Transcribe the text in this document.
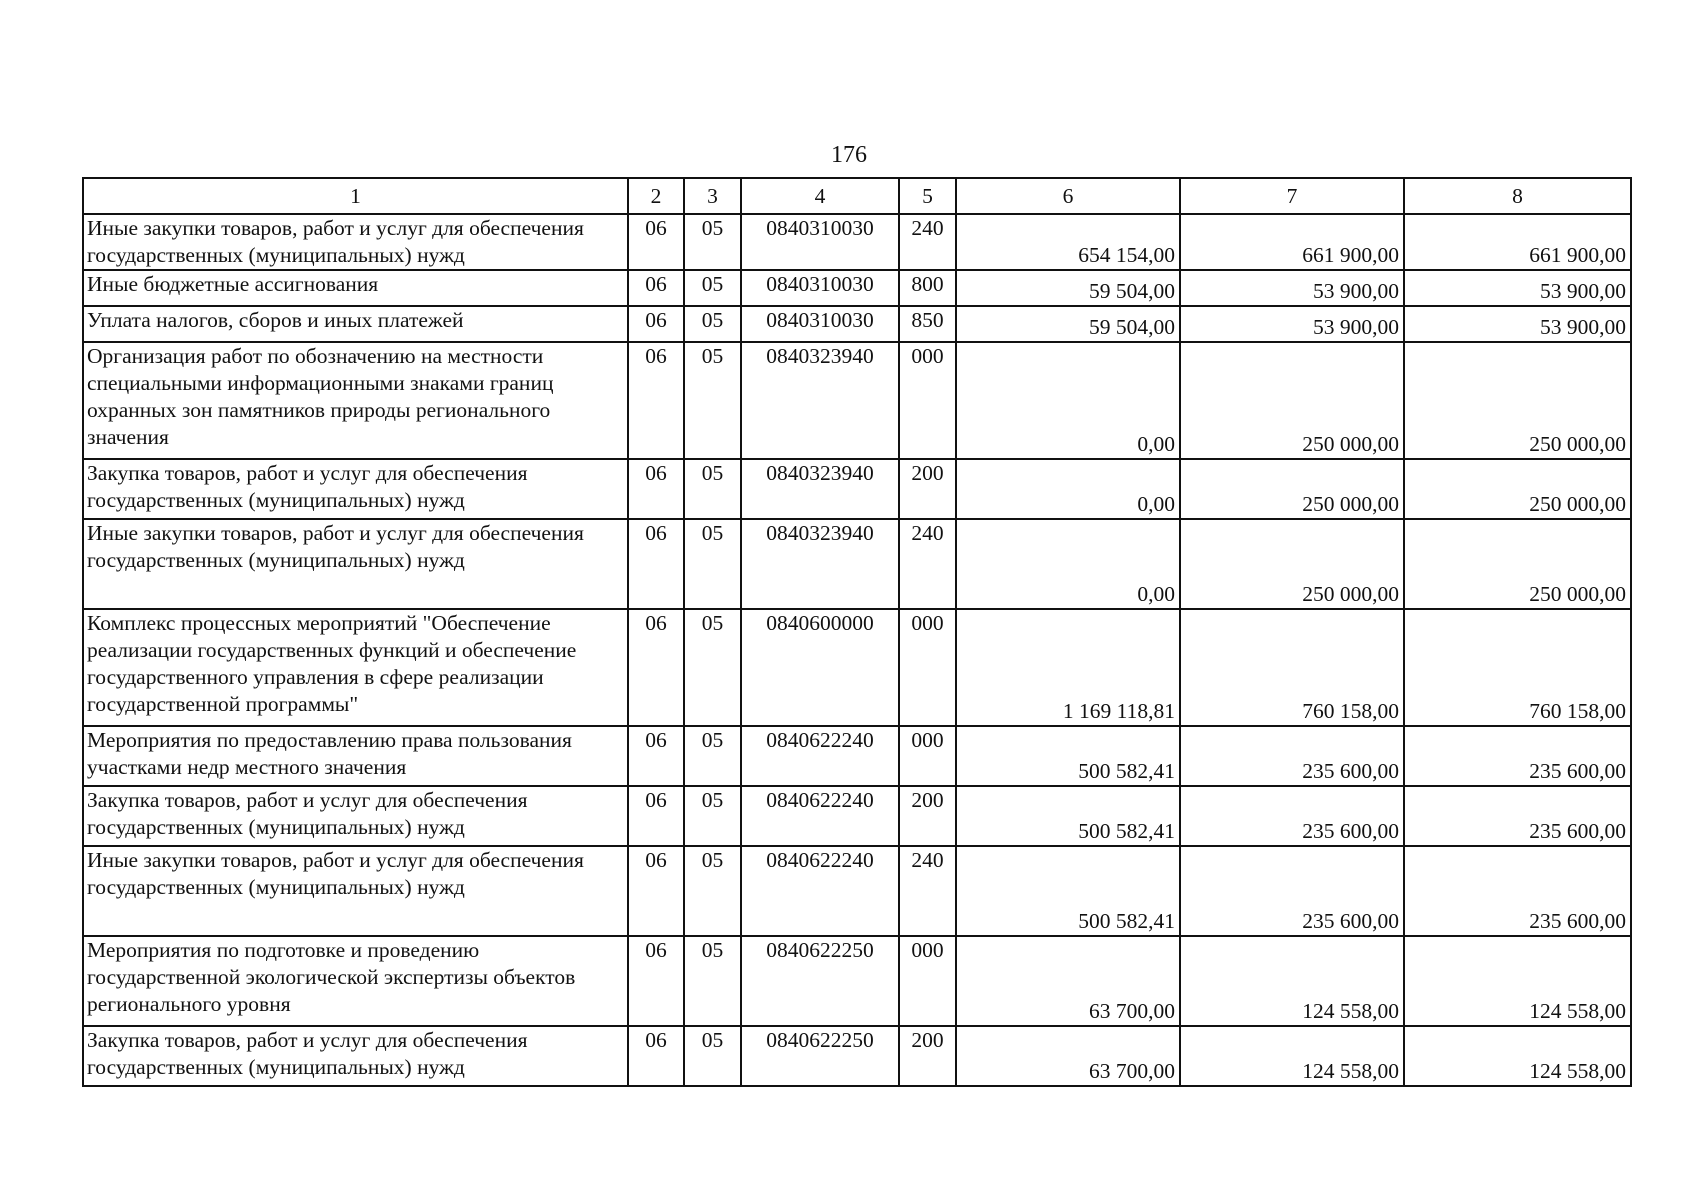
176
1	2	3	4	5	6	7	8
Иные закупки товаров, работ и услуг для обеспечения государственных (муниципальных) нужд	06	05	0840310030	240	654 154,00	661 900,00	661 900,00
Иные бюджетные ассигнования	06	05	0840310030	800	59 504,00	53 900,00	53 900,00
Уплата налогов, сборов и иных платежей	06	05	0840310030	850	59 504,00	53 900,00	53 900,00
Организация работ по обозначению на местности специальными информационными знаками границ охранных зон памятников природы регионального значения	06	05	0840323940	000	0,00	250 000,00	250 000,00
Закупка товаров, работ и услуг для обеспечения государственных (муниципальных) нужд	06	05	0840323940	200	0,00	250 000,00	250 000,00
Иные закупки товаров, работ и услуг для обеспечения государственных (муниципальных) нужд	06	05	0840323940	240	0,00	250 000,00	250 000,00
Комплекс процессных мероприятий "Обеспечение реализации государственных функций и обеспечение государственного управления в сфере реализации государственной программы"	06	05	0840600000	000	1 169 118,81	760 158,00	760 158,00
Мероприятия по предоставлению права пользования участками недр местного значения	06	05	0840622240	000	500 582,41	235 600,00	235 600,00
Закупка товаров, работ и услуг для обеспечения государственных (муниципальных) нужд	06	05	0840622240	200	500 582,41	235 600,00	235 600,00
Иные закупки товаров, работ и услуг для обеспечения государственных (муниципальных) нужд	06	05	0840622240	240	500 582,41	235 600,00	235 600,00
Мероприятия по подготовке и проведению государственной экологической экспертизы объектов регионального уровня	06	05	0840622250	000	63 700,00	124 558,00	124 558,00
Закупка товаров, работ и услуг для обеспечения государственных (муниципальных) нужд	06	05	0840622250	200	63 700,00	124 558,00	124 558,00
